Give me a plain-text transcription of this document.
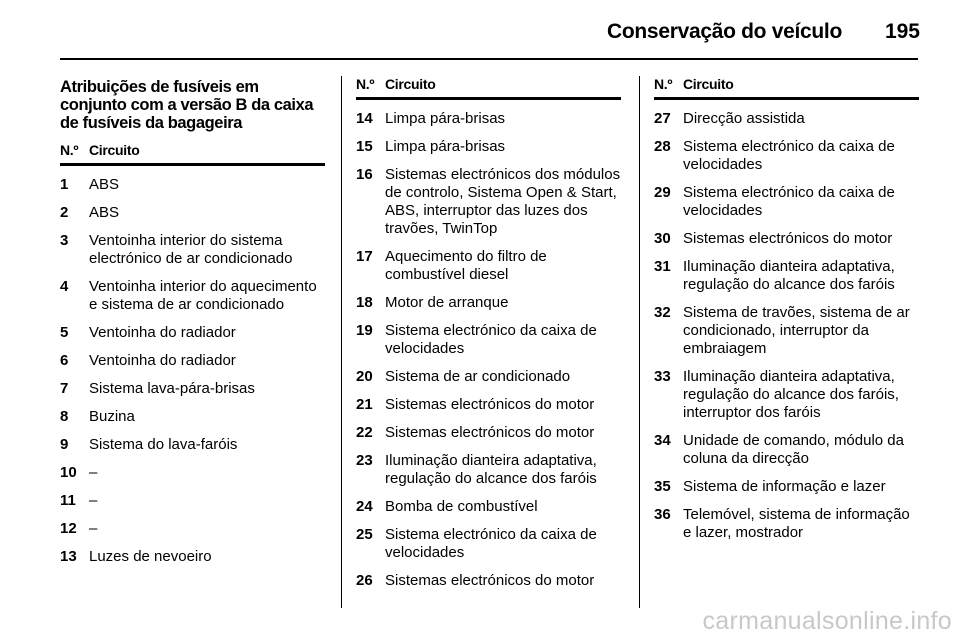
Conservação do veículo 195
Atribuições de fusíveis em conjunto com a versão B da caixa de fusíveis da bagageira
N.º Circuito
1	ABS
2	ABS
3	Ventoinha interior do sistema electrónico de ar condicionado
4	Ventoinha interior do aquecimento e sistema de ar condicionado
5	Ventoinha do radiador
6	Ventoinha do radiador
7	Sistema lava-pára-brisas
8	Buzina
9	Sistema do lava-faróis
10 –
11 –
12 –
13 Luzes de nevoeiro
N.º Circuito
14 Limpa pára-brisas
15 Limpa pára-brisas
16 Sistemas electrónicos dos módulos de controlo, Sistema Open & Start, ABS, interruptor das luzes dos travões, TwinTop
17 Aquecimento do filtro de combustível diesel
18 Motor de arranque
19 Sistema electrónico da caixa de velocidades
20 Sistema de ar condicionado
21 Sistemas electrónicos do motor
22 Sistemas electrónicos do motor
23 Iluminação dianteira adaptativa, regulação do alcance dos faróis
24 Bomba de combustível
25 Sistema electrónico da caixa de velocidades
26 Sistemas electrónicos do motor
N.º Circuito
27 Direcção assistida
28 Sistema electrónico da caixa de velocidades
29 Sistema electrónico da caixa de velocidades
30 Sistemas electrónicos do motor
31 Iluminação dianteira adaptativa, regulação do alcance dos faróis
32 Sistema de travões, sistema de ar condicionado, interruptor da embraiagem
33 Iluminação dianteira adaptativa, regulação do alcance dos faróis, interruptor dos faróis
34 Unidade de comando, módulo da coluna da direcção
35 Sistema de informação e lazer
36 Telemóvel, sistema de informação e lazer, mostrador
carmanualsonline.info
